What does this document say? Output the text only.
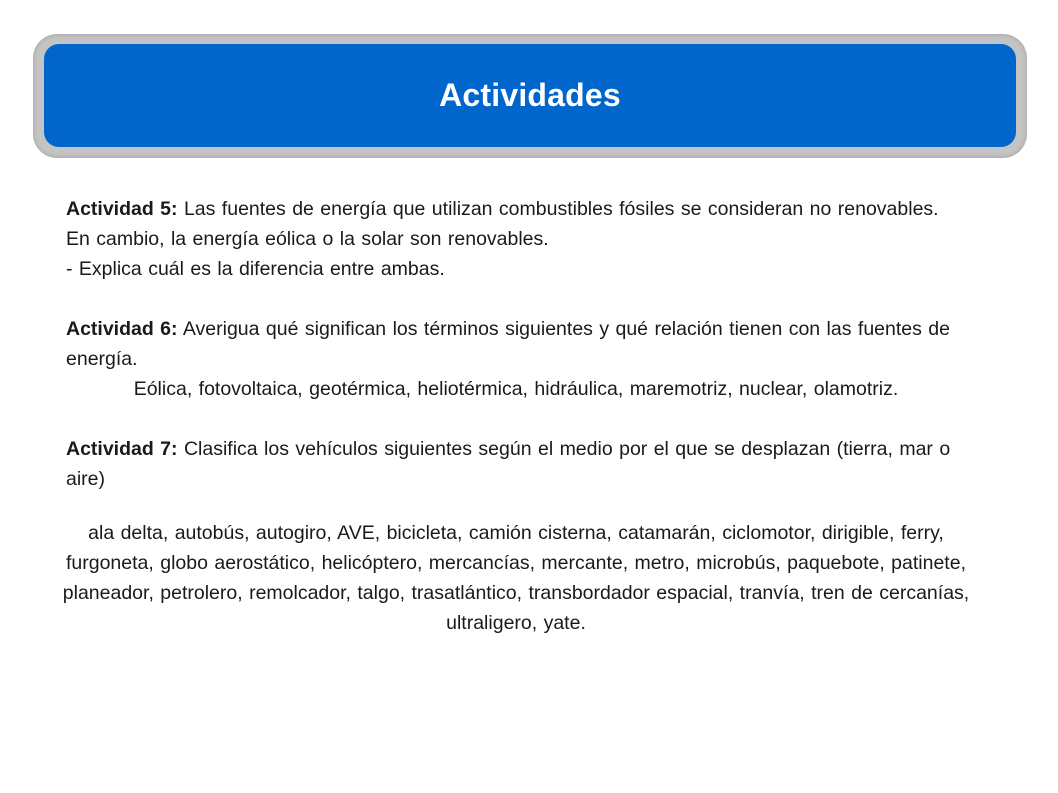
Actividades

Actividad 5: Las fuentes de energía que utilizan combustibles fósiles se consideran no renovables. En cambio, la energía eólica o la solar son renovables.

- Explica cuál es la diferencia entre ambas.

Actividad 6: Averigua qué significan los términos siguientes y qué relación tienen con las fuentes de energía.

Eólica, fotovoltaica, geotérmica, heliotérmica, hidráulica, maremotriz, nuclear, olamotriz.

Actividad 7: Clasifica los vehículos siguientes según el medio por el que se desplazan (tierra, mar o aire)

ala delta, autobús, autogiro, AVE, bicicleta, camión cisterna, catamarán, ciclomotor, dirigible, ferry, furgoneta, globo aerostático, helicóptero, mercancías, mercante, metro, microbús, paquebote, patinete, planeador, petrolero, remolcador, talgo, trasatlántico, transbordador espacial, tranvía, tren de cercanías, ultraligero, yate.
